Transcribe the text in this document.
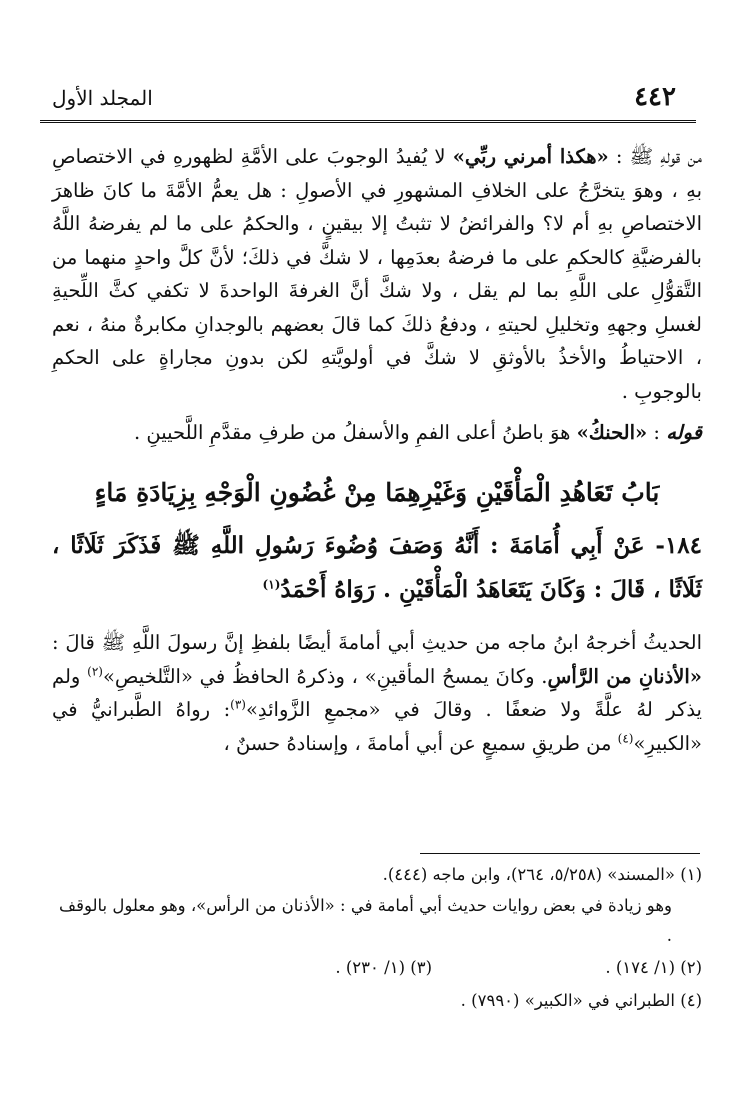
٤٤٢
المجلد الأول

من قولهِ ﷺ : «هكذا أمرني ربِّي» لا يُفيدُ الوجوبَ على الأمَّةِ لظهورهِ في الاختصاصِ بهِ ، وهوَ يتخرَّجُ على الخلافِ المشهورِ في الأصولِ : هل يعمُّ الأمَّةَ ما كانَ ظاهرَ الاختصاصِ بهِ أم لا؟ والفرائضُ لا تثبتُ إلا بيقينٍ ، والحكمُ على ما لم يفرضهُ اللَّهُ بالفرضيَّةِ كالحكمِ على ما فرضهُ بعدَمِها ، لا شكَّ في ذلكَ؛ لأنَّ كلَّ واحدٍ منهما من التَّقوُّلِ على اللَّهِ بما لم يقل ، ولا شكَّ أنَّ الغرفةَ الواحدةَ لا تكفي كثَّ اللِّحيةِ لغسلِ وجههِ وتخليلِ لحيتهِ ، ودفعُ ذلكَ كما قالَ بعضهم بالوجدانِ مكابرةٌ منهُ ، نعم ، الاحتياطُ والأخذُ بالأوثقِ لا شكَّ في أولويَّتهِ لكن بدونِ مجاراةٍ على الحكمِ بالوجوبِ .

قوله : «الحنكُ» هوَ باطنُ أعلى الفمِ والأسفلُ من طرفِ مقدَّمِ اللَّحيينِ .

بَابُ تَعَاهُدِ الْمَأْقَيْنِ وَغَيْرِهِمَا مِنْ غُضُونِ الْوَجْهِ بِزِيَادَةِ مَاءٍ

١٨٤- عَنْ أَبِي أُمَامَةَ : أَنَّهُ وَصَفَ وُضُوءَ رَسُولِ اللَّهِ ﷺ فَذَكَرَ ثَلَاثًا ، ثَلَاثًا ، قَالَ : وَكَانَ يَتَعَاهَدُ الْمَأْقَيْنِ . رَوَاهُ أَحْمَدُ$^{(١)}$

الحديثُ أخرجهُ ابنُ ماجه من حديثِ أبي أمامةَ أيضًا بلفظِ إنَّ رسولَ اللَّهِ ﷺ قالَ : «الأذنانِ من الرَّأسِ. وكانَ يمسحُ المأقينِ» ، وذكرهُ الحافظُ في «التَّلخيصِ»$^{(٢)}$ ولم يذكر لهُ علَّةً ولا ضعفًا . وقالَ في «مجمعِ الزَّوائدِ»$^{(٣)}$: رواهُ الطَّبرانيُّ في «الكبيرِ»$^{(٤)}$ من طريقِ سميعٍ عن أبي أمامةَ ، وإسنادهُ حسنٌ ،

(١) «المسند» (٥/٢٥٨، ٢٦٤)، وابن ماجه (٤٤٤).

وهو زيادة في بعض روايات حديث أبي أمامة في : «الأذنان من الرأس»، وهو معلول بالوقف .

(٢) (١/ ١٧٤) .
(٣) (١/ ٢٣٠) .

(٤) الطبراني في «الكبير» (٧٩٩٠) .
